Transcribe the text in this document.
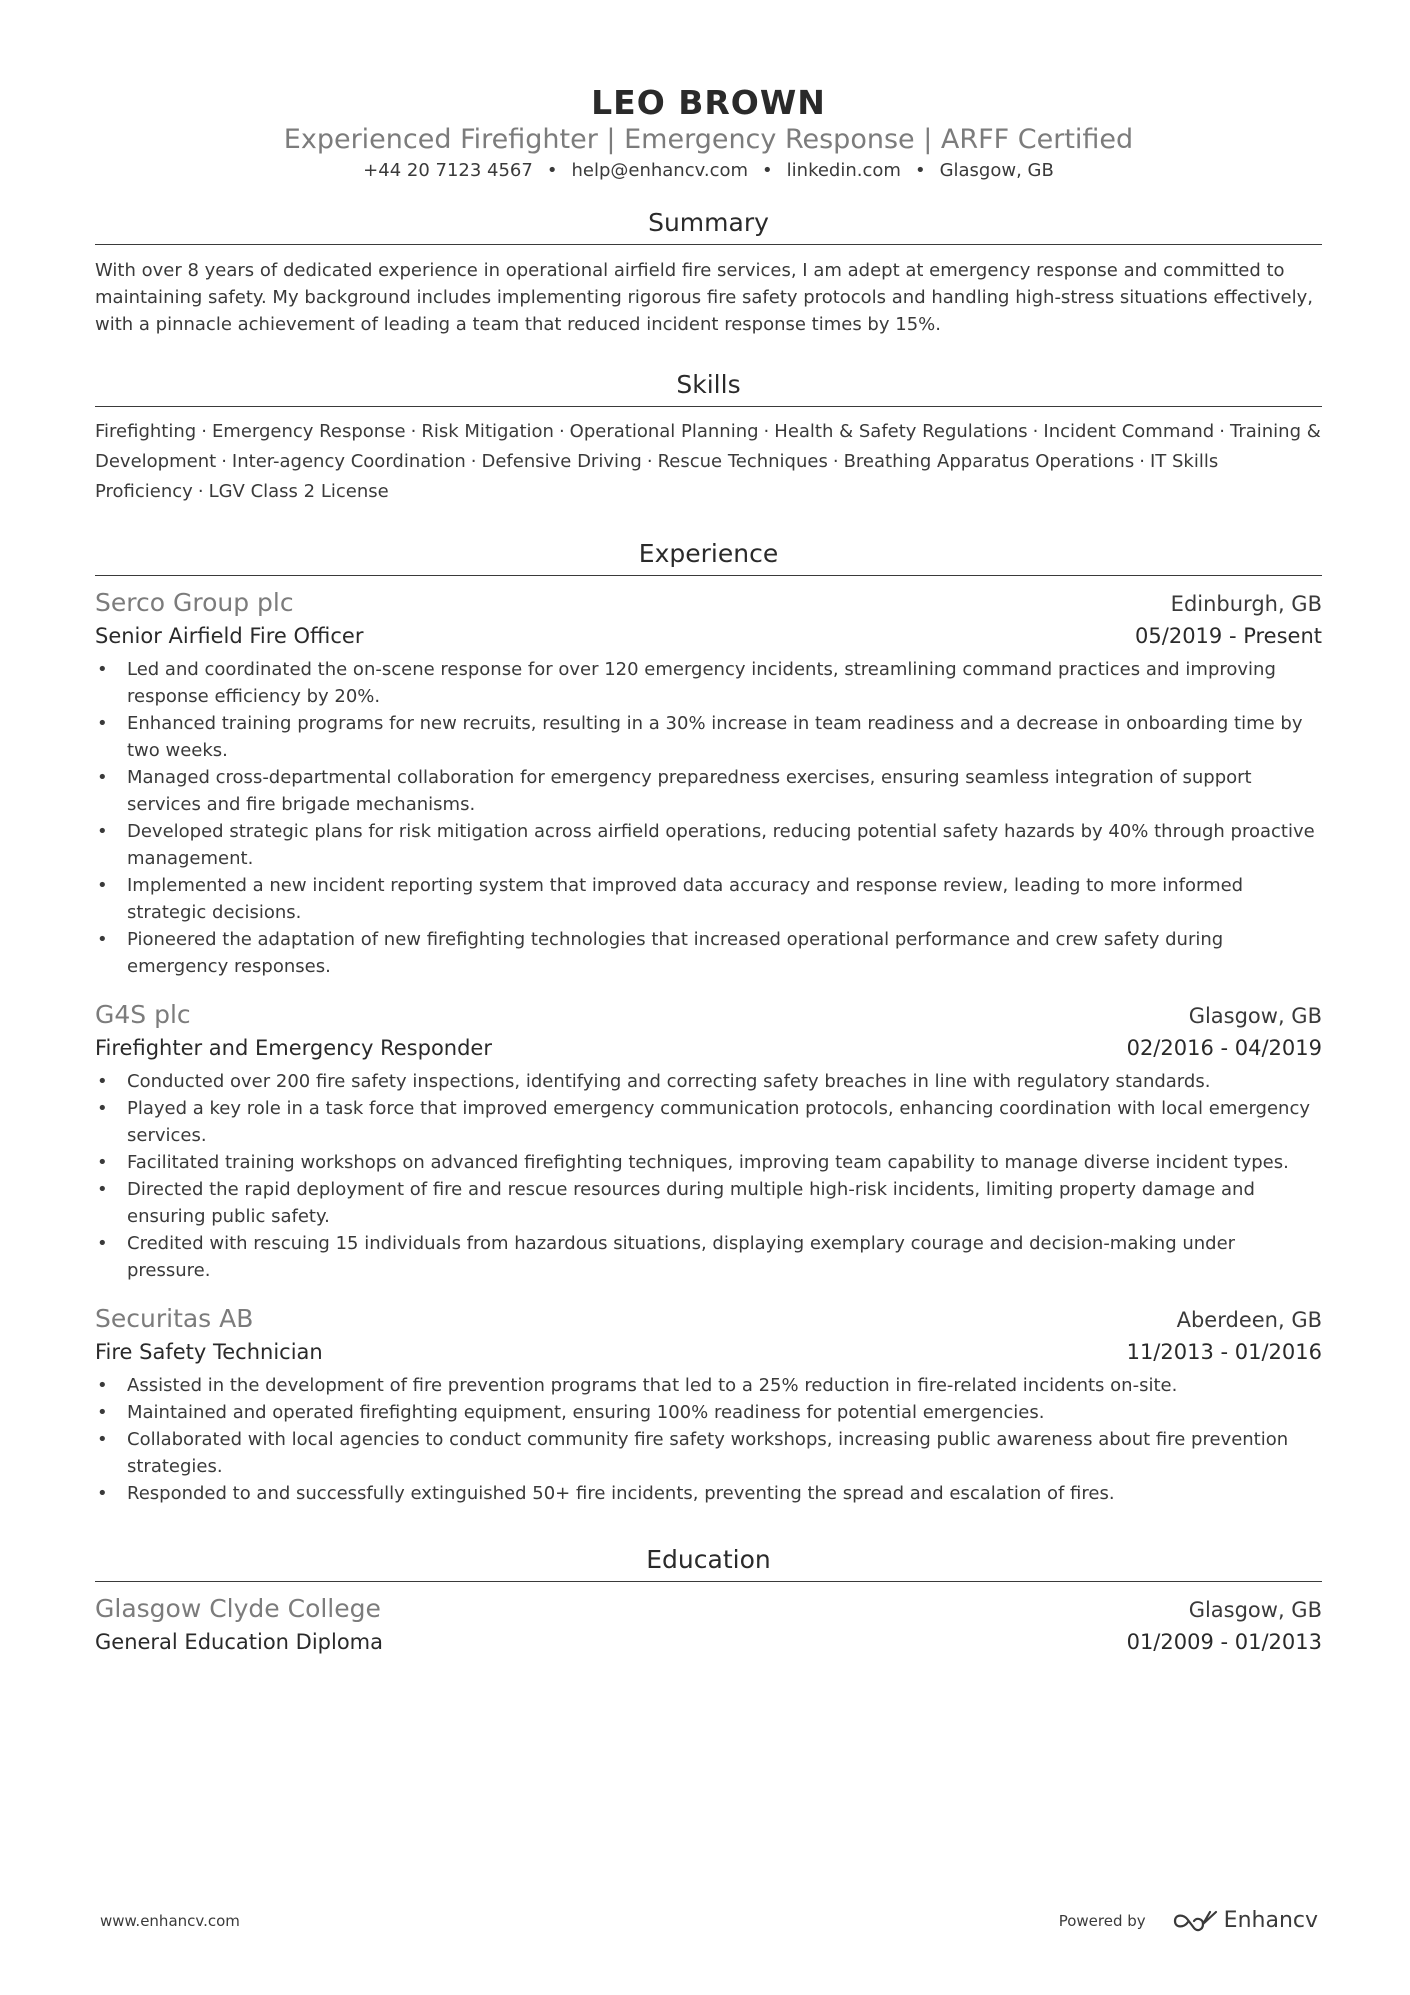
LEO BROWN
Experienced Firefighter | Emergency Response | ARFF Certified
+44 20 7123 4567 • help@enhancv.com • linkedin.com • Glasgow, GB
Summary
With over 8 years of dedicated experience in operational airfield fire services, I am adept at emergency response and committed to maintaining safety. My background includes implementing rigorous fire safety protocols and handling high-stress situations effectively, with a pinnacle achievement of leading a team that reduced incident response times by 15%.
Skills
Firefighting · Emergency Response · Risk Mitigation · Operational Planning · Health & Safety Regulations · Incident Command · Training & Development · Inter-agency Coordination · Defensive Driving · Rescue Techniques · Breathing Apparatus Operations · IT Skills Proficiency · LGV Class 2 License
Experience
Serco Group plc	Edinburgh, GB
Senior Airfield Fire Officer	05/2019 - Present
• Led and coordinated the on-scene response for over 120 emergency incidents, streamlining command practices and improving response efficiency by 20%.
• Enhanced training programs for new recruits, resulting in a 30% increase in team readiness and a decrease in onboarding time by two weeks.
• Managed cross-departmental collaboration for emergency preparedness exercises, ensuring seamless integration of support services and fire brigade mechanisms.
• Developed strategic plans for risk mitigation across airfield operations, reducing potential safety hazards by 40% through proactive management.
• Implemented a new incident reporting system that improved data accuracy and response review, leading to more informed strategic decisions.
• Pioneered the adaptation of new firefighting technologies that increased operational performance and crew safety during emergency responses.
G4S plc	Glasgow, GB
Firefighter and Emergency Responder	02/2016 - 04/2019
• Conducted over 200 fire safety inspections, identifying and correcting safety breaches in line with regulatory standards.
• Played a key role in a task force that improved emergency communication protocols, enhancing coordination with local emergency services.
• Facilitated training workshops on advanced firefighting techniques, improving team capability to manage diverse incident types.
• Directed the rapid deployment of fire and rescue resources during multiple high-risk incidents, limiting property damage and ensuring public safety.
• Credited with rescuing 15 individuals from hazardous situations, displaying exemplary courage and decision-making under pressure.
Securitas AB	Aberdeen, GB
Fire Safety Technician	11/2013 - 01/2016
• Assisted in the development of fire prevention programs that led to a 25% reduction in fire-related incidents on-site.
• Maintained and operated firefighting equipment, ensuring 100% readiness for potential emergencies.
• Collaborated with local agencies to conduct community fire safety workshops, increasing public awareness about fire prevention strategies.
• Responded to and successfully extinguished 50+ fire incidents, preventing the spread and escalation of fires.
Education
Glasgow Clyde College	Glasgow, GB
General Education Diploma	01/2009 - 01/2013
www.enhancv.com	Powered by	Enhancv
